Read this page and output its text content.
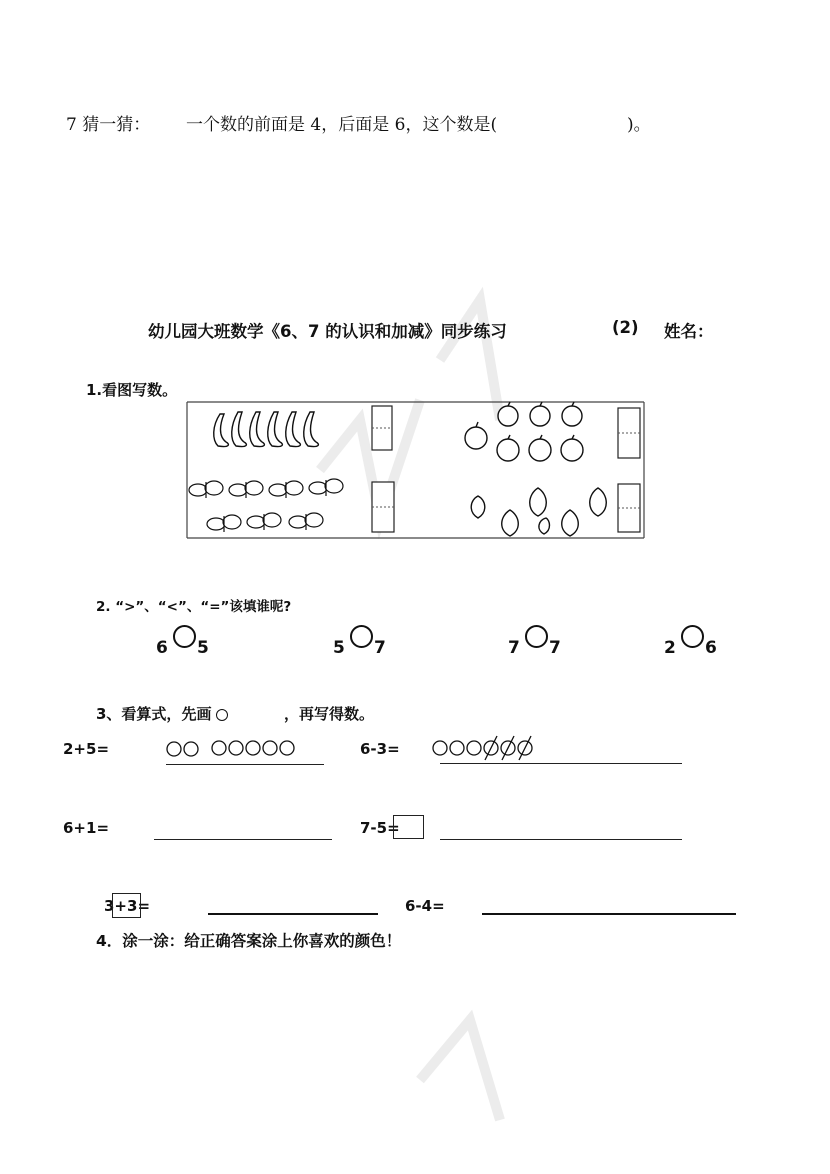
7 猜一猜： 一个数的前面是 4，后面是 6，这个数是(	)。
幼儿园大班数学《6、7 的认识和加减》同步练习	(2) 姓名：
1.看图写数。
2. “>”、“<”、“=”该填谁呢?
6 5	5 7	7 7	2 6
3、看算式，先画	，再写得数。
2+5=	6-3=
6+1=	7-5=
3+3=	6-4=
4．涂一涂：给正确答案涂上你喜欢的颜色！
